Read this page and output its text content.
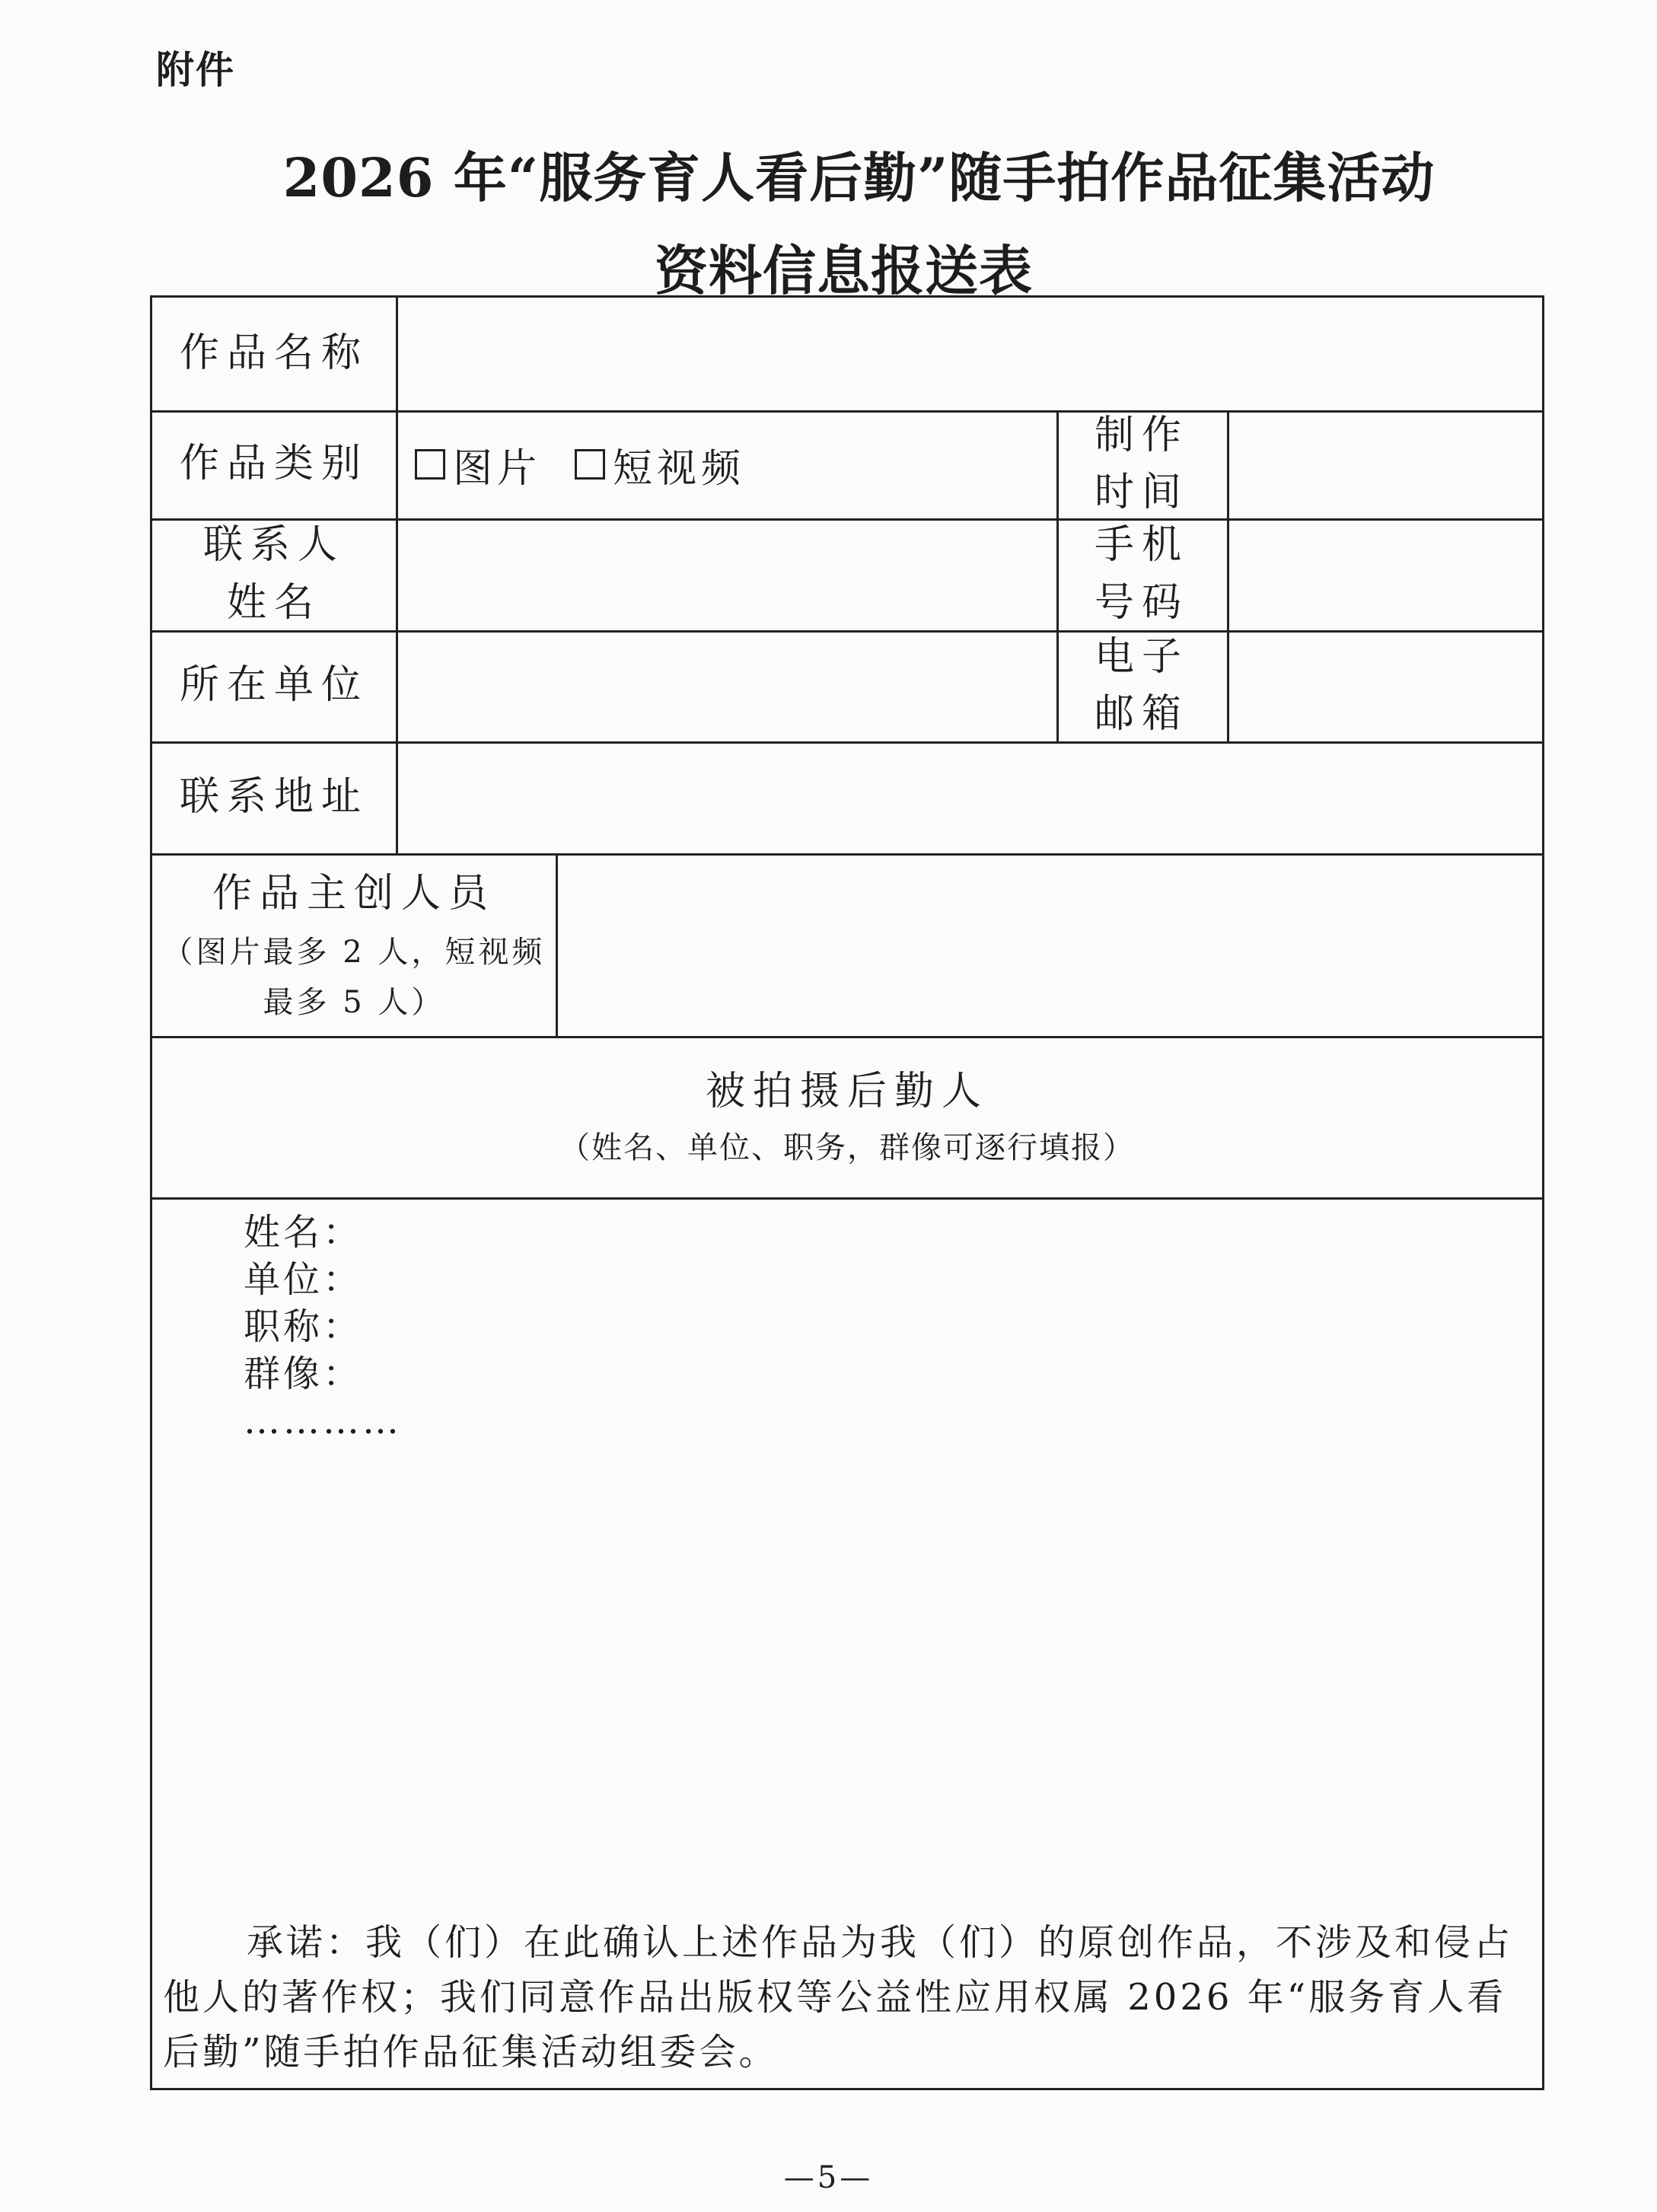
附件
2026 年“服务育人看后勤”随手拍作品征集活动
资料信息报送表
作品名称
作品类别 图片 短视频
制作
时间
联系人
姓名
手机
号码
所在单位
电子
邮箱
联系地址
作品主创人员
（图片最多 2 人，短视频
最多 5 人）
被拍摄后勤人
（姓名、单位、职务，群像可逐行填报）
姓名：
单位：
职称：
群像：
…………
承诺：我（们）在此确认上述作品为我（们）的原创作品，不涉及和侵占他人的著作权；我们同意作品出版权等公益性应用权属 2026 年“服务育人看后勤”随手拍作品征集活动组委会。
—5—
